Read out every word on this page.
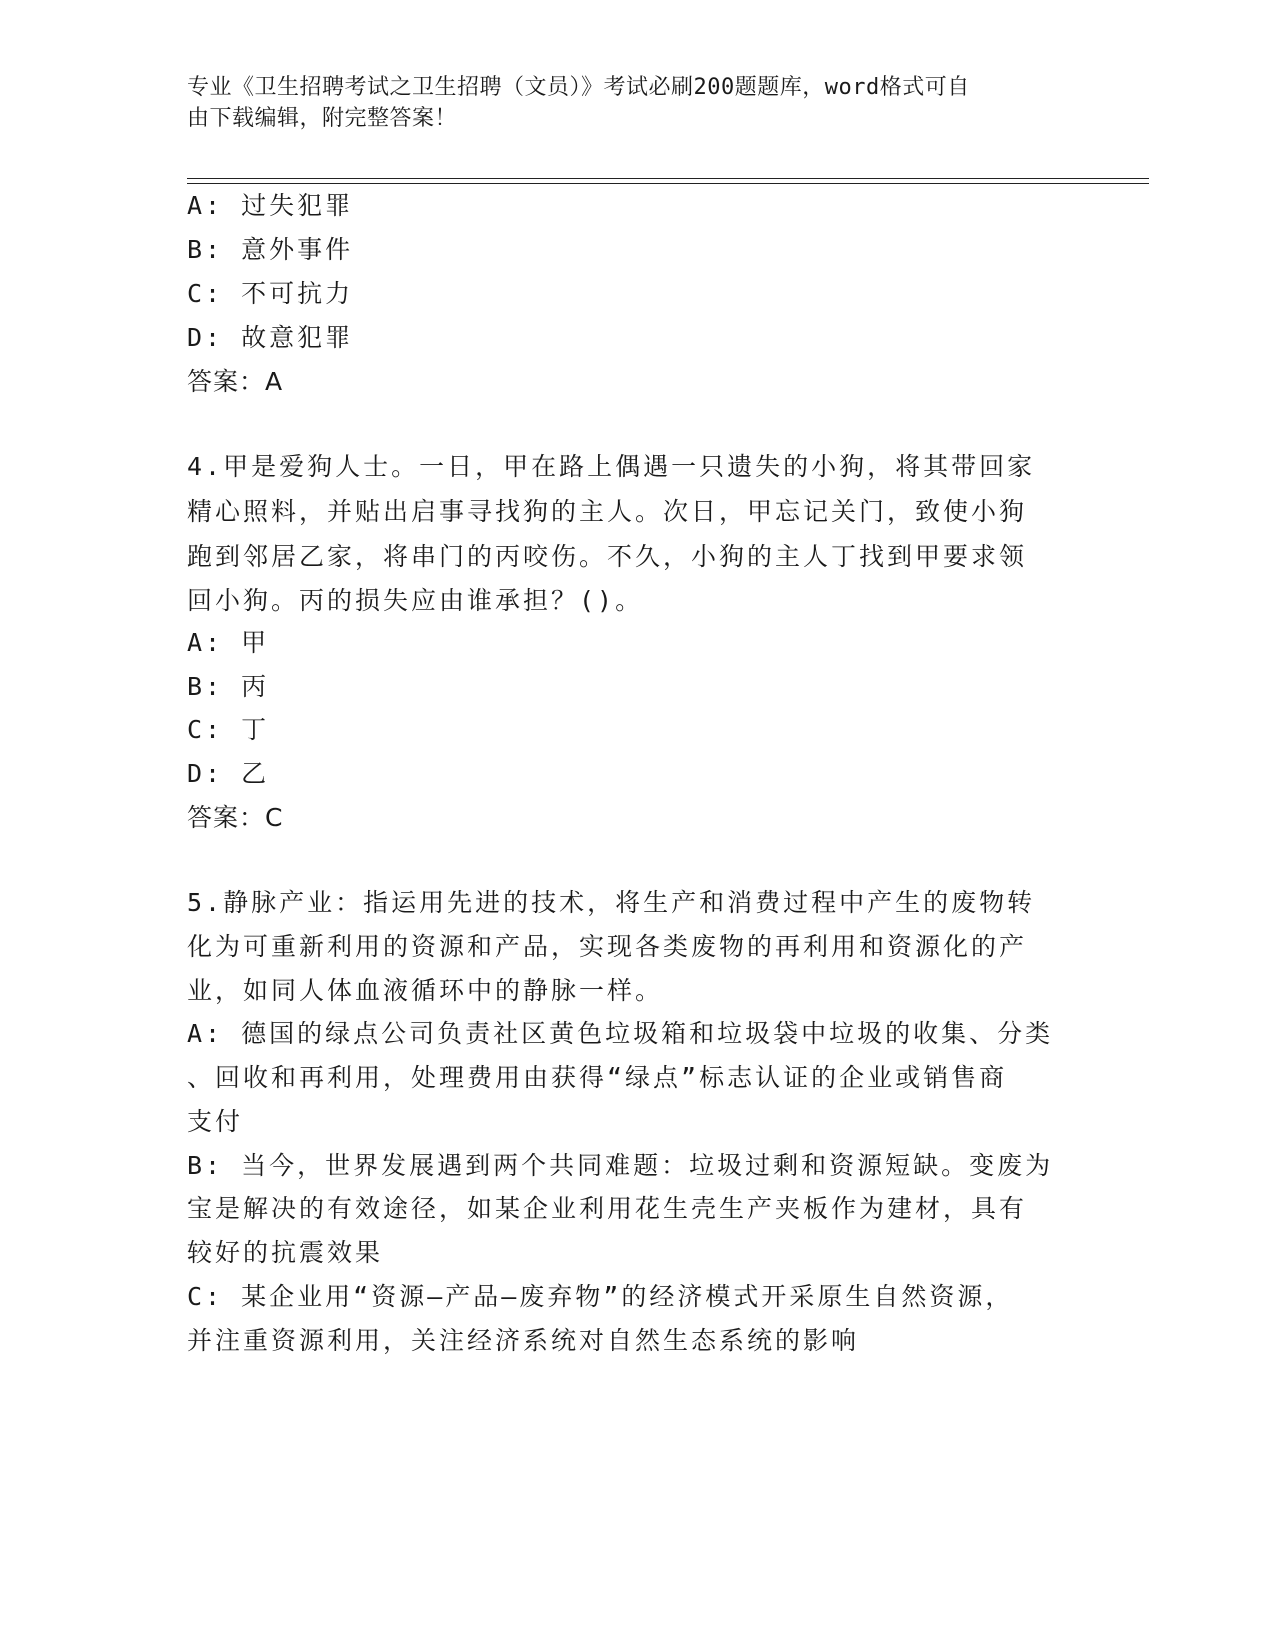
专业《卫生招聘考试之卫生招聘（文员）》考试必刷200题题库，word格式可自
由下载编辑，附完整答案！
A: 过失犯罪
B: 意外事件
C: 不可抗力
D: 故意犯罪
答案：A
4.甲是爱狗人士。一日，甲在路上偶遇一只遗失的小狗，将其带回家
精心照料，并贴出启事寻找狗的主人。次日，甲忘记关门，致使小狗
跑到邻居乙家，将串门的丙咬伤。不久，小狗的主人丁找到甲要求领
回小狗。丙的损失应由谁承担？()。
A: 甲
B: 丙
C: 丁
D: 乙
答案：C
5.静脉产业：指运用先进的技术，将生产和消费过程中产生的废物转
化为可重新利用的资源和产品，实现各类废物的再利用和资源化的产
业，如同人体血液循环中的静脉一样。
A: 德国的绿点公司负责社区黄色垃圾箱和垃圾袋中垃圾的收集、分类
、回收和再利用，处理费用由获得“绿点”标志认证的企业或销售商
支付
B: 当今，世界发展遇到两个共同难题：垃圾过剩和资源短缺。变废为
宝是解决的有效途径，如某企业利用花生壳生产夹板作为建材，具有
较好的抗震效果
C: 某企业用“资源—产品—废弃物”的经济模式开采原生自然资源，
并注重资源利用，关注经济系统对自然生态系统的影响
